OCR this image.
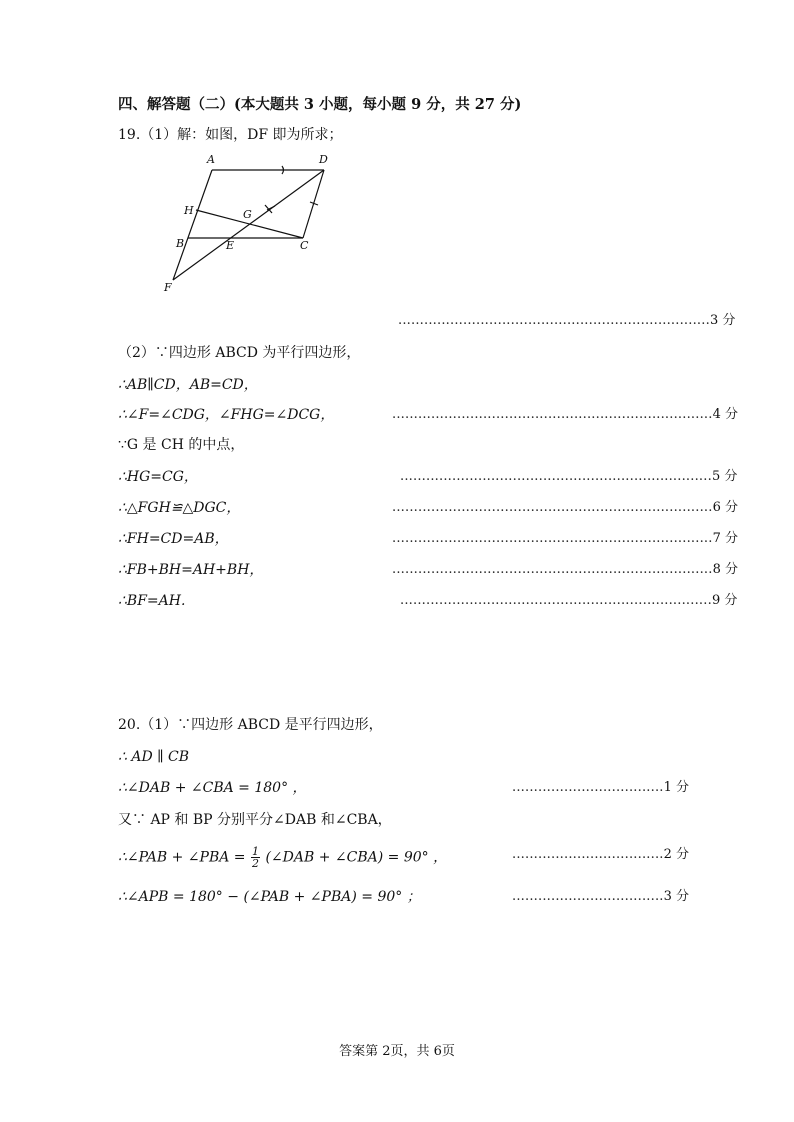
四、解答题（二）(本大题共 3 小题，每小题 9 分，共 27 分)
19.（1）解：如图，DF 即为所求；
A	D
H	G
B	E	C
F
........................................................................3 分
（2）∵四边形 ABCD 为平行四边形，
∴AB∥CD，AB=CD，
∴∠F=∠CDG，∠FHG=∠DCG，	..........................................................................4 分
∵G 是 CH 的中点，
∴HG=CG，	........................................................................5 分
∴△FGH≌△DGC，	..........................................................................6 分
∴FH=CD=AB，	..........................................................................7 分
∴FB+BH=AH+BH，	..........................................................................8 分
∴BF=AH.	........................................................................9 分
20.（1）∵四边形 ABCD 是平行四边形，
∴ AD ∥ CB
∴∠DAB + ∠CBA = 180° ，	...................................1 分
又∵ AP 和 BP 分别平分∠DAB 和∠CBA，
∴∠PAB + ∠PBA = $\frac{1}{2}$ (∠DAB + ∠CBA) = 90° ，	...................................2 分
∴∠APB = 180° − (∠PAB + ∠PBA) = 90° ；	...................................3 分
答案第 2页，共 6页
